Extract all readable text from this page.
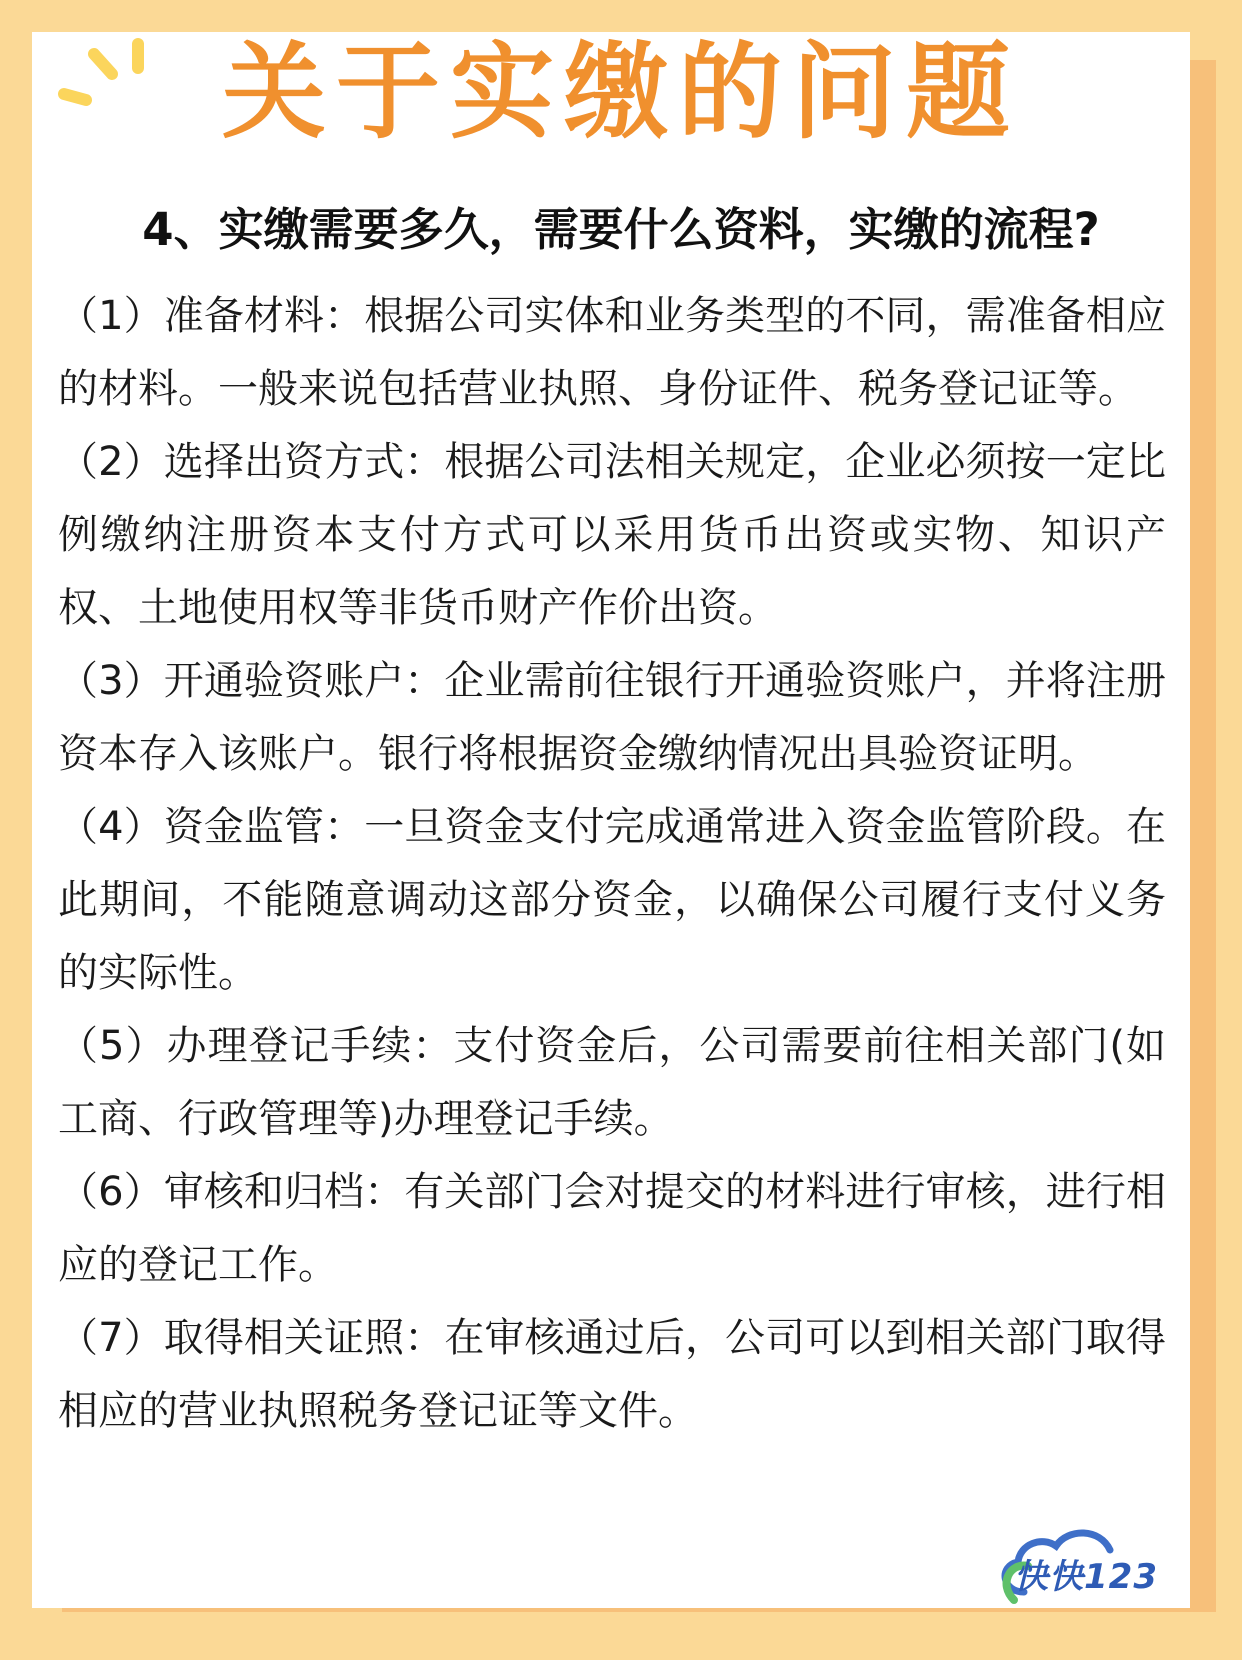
关于实缴的问题
4、实缴需要多久，需要什么资料，实缴的流程?

（1）准备材料：根据公司实体和业务类型的不同，需准备相应的材料。一般来说包括营业执照、身份证件、税务登记证等。

（2）选择出资方式：根据公司法相关规定，企业必须按一定比例缴纳注册资本支付方式可以采用货币出资或实物、知识产权、土地使用权等非货币财产作价出资。

（3）开通验资账户：企业需前往银行开通验资账户，并将注册资本存入该账户。银行将根据资金缴纳情况出具验资证明。

（4）资金监管：一旦资金支付完成通常进入资金监管阶段。在此期间，不能随意调动这部分资金，以确保公司履行支付义务的实际性。

（5）办理登记手续：支付资金后，公司需要前往相关部门(如工商、行政管理等)办理登记手续。

（6）审核和归档：有关部门会对提交的材料进行审核，进行相应的登记工作。

（7）取得相关证照：在审核通过后，公司可以到相关部门取得相应的营业执照税务登记证等文件。

快快123
